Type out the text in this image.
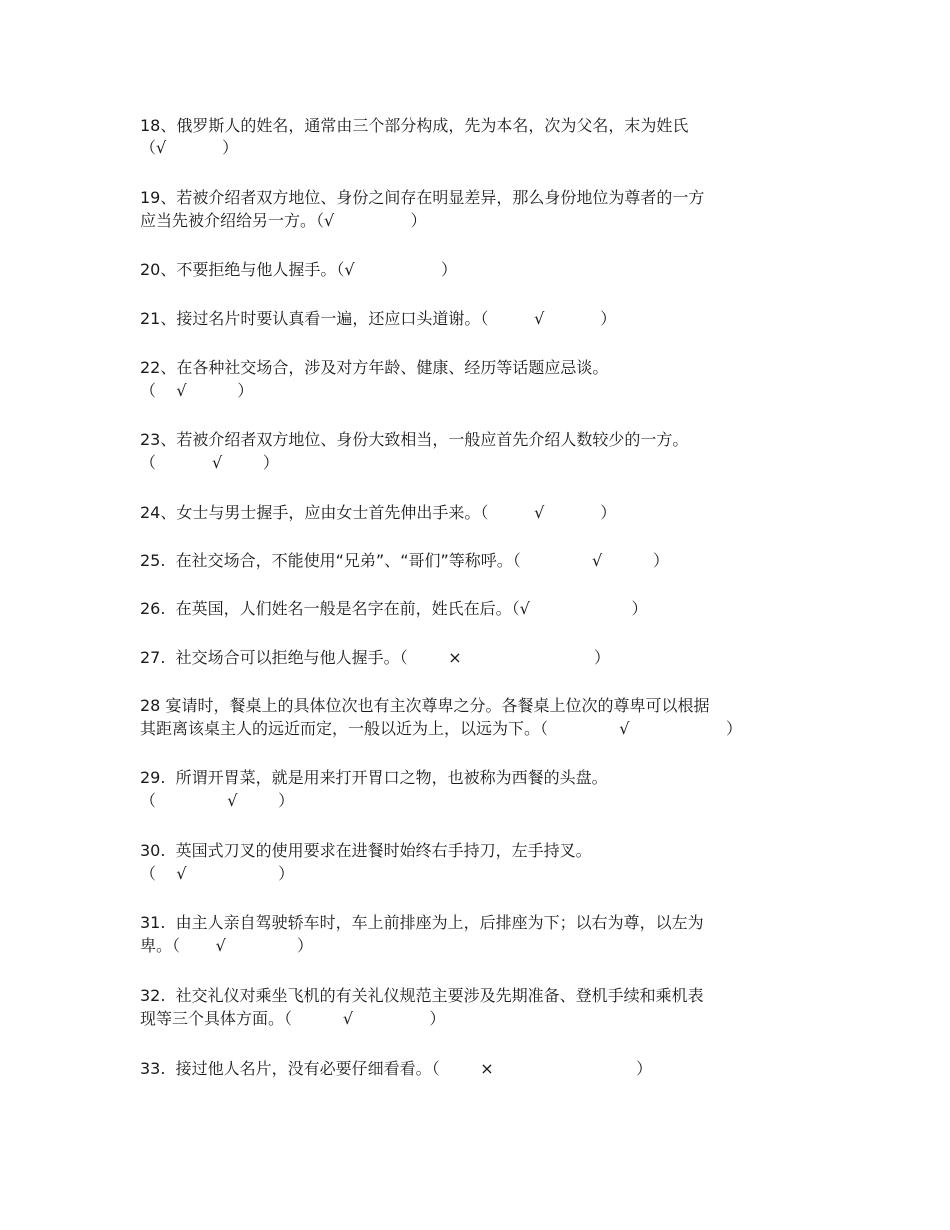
18、俄罗斯人的姓名，通常由三个部分构成，先为本名，次为父名，末为姓氏
（√           ）
19、若被介绍者双方地位、身份之间存在明显差异，那么身份地位为尊者的一方
应当先被介绍给另一方。（√               ）
20、不要拒绝与他人握手。（√                 ）
21、接过名片时要认真看一遍，还应口头道谢。（         √           ）
22、在各种社交场合，涉及对方年龄、健康、经历等话题应忌谈。
（    √          ）
23、若被介绍者双方地位、身份大致相当，一般应首先介绍人数较少的一方。
（           √        ）
24、女士与男士握手，应由女士首先伸出手来。（         √           ）
25.  在社交场合，不能使用“兄弟”、“哥们”等称呼。（              √          ）
26.  在英国，人们姓名一般是名字在前，姓氏在后。（√                    ）
27.  社交场合可以拒绝与他人握手。（        ×                          ）
28 宴请时，餐桌上的具体位次也有主次尊卑之分。各餐桌上位次的尊卑可以根据
其距离该桌主人的远近而定，一般以近为上，以远为下。（              √                   ）
29.  所谓开胃菜，就是用来打开胃口之物，也被称为西餐的头盘。
（              √        ）
30.  英国式刀叉的使用要求在进餐时始终右手持刀，左手持叉。
（    √                  ）
31.  由主人亲自驾驶轿车时，车上前排座为上，后排座为下；以右为尊，以左为
卑。（       √              ）
32.  社交礼仪对乘坐飞机的有关礼仪规范主要涉及先期准备、登机手续和乘机表
现等三个具体方面。（          √               ）
33.  接过他人名片，没有必要仔细看看。（        ×                            ）
